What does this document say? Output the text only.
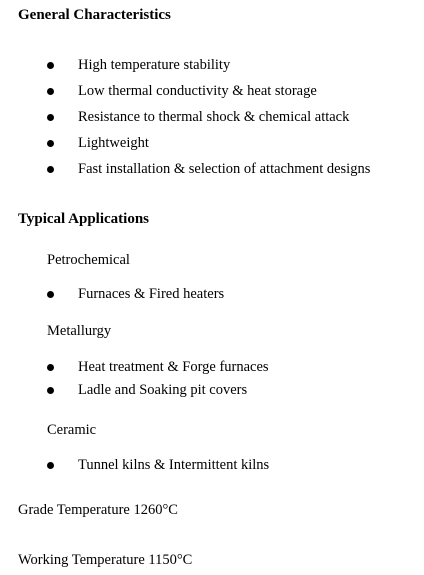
General Characteristics
High temperature stability
Low thermal conductivity & heat storage
Resistance to thermal shock & chemical attack
Lightweight
Fast installation & selection of attachment designs
Typical Applications
Petrochemical
Furnaces & Fired heaters
Metallurgy
Heat treatment & Forge furnaces
Ladle and Soaking pit covers
Ceramic
Tunnel kilns & Intermittent kilns
Grade Temperature 1260°C
Working Temperature 1150°C
